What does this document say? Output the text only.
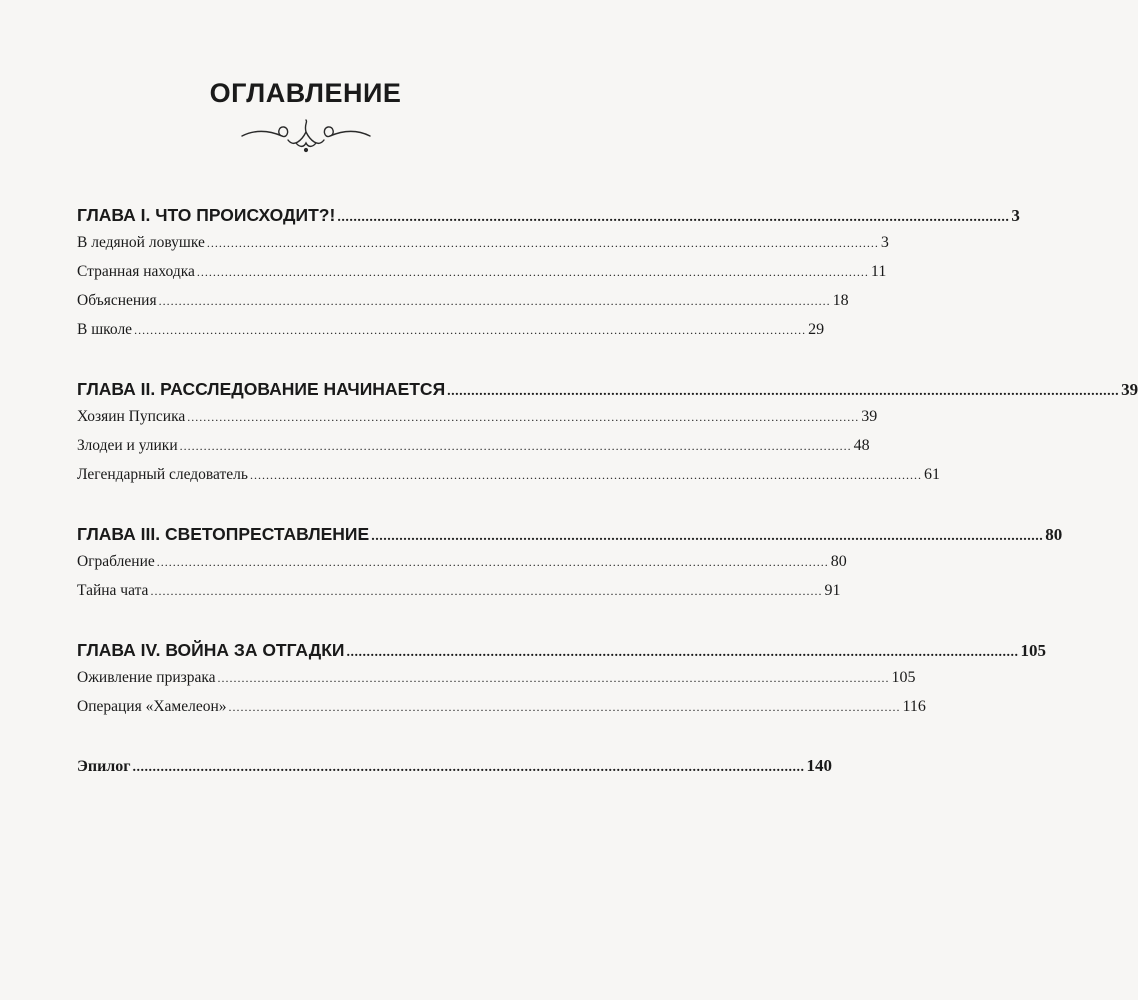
ОГЛАВЛЕНИЕ
ГЛАВА I. ЧТО ПРОИСХОДИТ?! ........................................................................................................................................................................ 3
В ледяной ловушке ........................................................................................................................................................................ 3
Странная находка ........................................................................................................................................................................ 11
Объяснения ........................................................................................................................................................................ 18
В школе ........................................................................................................................................................................ 29
ГЛАВА II. РАССЛЕДОВАНИЕ НАЧИНАЕТСЯ ........................................................................................................................................................................ 39
Хозяин Пупсика ........................................................................................................................................................................ 39
Злодеи и улики ........................................................................................................................................................................ 48
Легендарный следователь ........................................................................................................................................................................ 61
ГЛАВА III. СВЕТОПРЕСТАВЛЕНИЕ ........................................................................................................................................................................ 80
Ограбление ........................................................................................................................................................................ 80
Тайна чата ........................................................................................................................................................................ 91
ГЛАВА IV. ВОЙНА ЗА ОТГАДКИ ........................................................................................................................................................................ 105
Оживление призрака ........................................................................................................................................................................ 105
Операция «Хамелеон» ........................................................................................................................................................................ 116
Эпилог ........................................................................................................................................................................ 140
